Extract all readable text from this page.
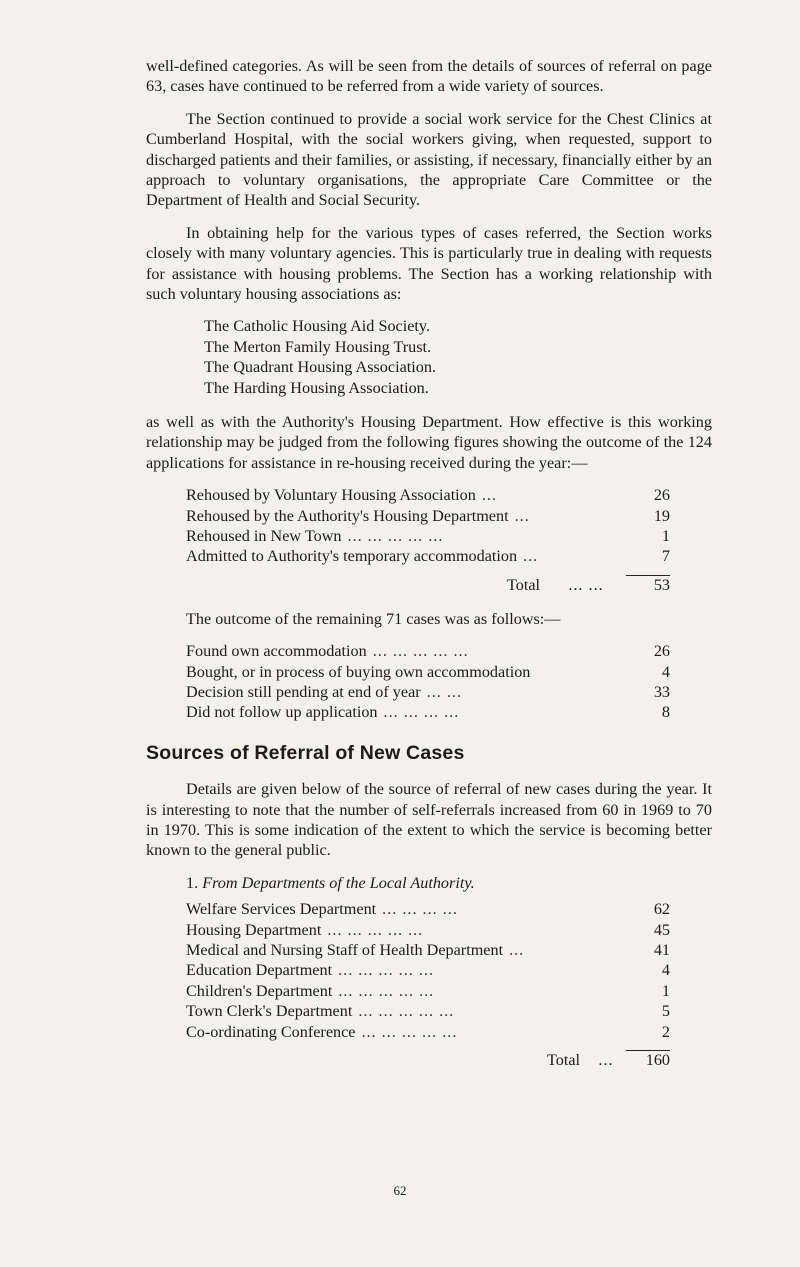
well-defined categories. As will be seen from the details of sources of referral on page 63, cases have continued to be referred from a wide variety of sources.

The Section continued to provide a social work service for the Chest Clinics at Cumberland Hospital, with the social workers giving, when requested, support to discharged patients and their families, or assisting, if necessary, financially either by an approach to voluntary organisations, the appropriate Care Committee or the Department of Health and Social Security.

In obtaining help for the various types of cases referred, the Section works closely with many voluntary agencies. This is particularly true in dealing with requests for assistance with housing problems. The Section has a working relationship with such voluntary housing associations as:

The Catholic Housing Aid Society.
The Merton Family Housing Trust.
The Quadrant Housing Association.
The Harding Housing Association.

as well as with the Authority's Housing Department. How effective is this working relationship may be judged from the following figures showing the outcome of the 124 applications for assistance in re-housing received during the year:—

Rehoused by Voluntary Housing Association ...	26
Rehoused by the Authority's Housing Department ...	19
Rehoused in New Town ... ... ... ... ...	1
Admitted to Authority's temporary accommodation ...	7
Total	... ...	53

The outcome of the remaining 71 cases was as follows:—

Found own accommodation ... ... ... ... ...	26
Bought, or in process of buying own accommodation	4
Decision still pending at end of year ... ...	33
Did not follow up application ... ... ... ...	8
Sources of Referral of New Cases

Details are given below of the source of referral of new cases during the year. It is interesting to note that the number of self-referrals increased from 60 in 1969 to 70 in 1970. This is some indication of the extent to which the service is becoming better known to the general public.

1. From Departments of the Local Authority.
Welfare Services Department ... ... ... ...	62
Housing Department ... ... ... ... ...	45
Medical and Nursing Staff of Health Department ...	41
Education Department ... ... ... ... ...	4
Children's Department ... ... ... ... ...	1
Town Clerk's Department ... ... ... ... ...	5
Co-ordinating Conference ... ... ... ... ...	2
Total	...	160
62
